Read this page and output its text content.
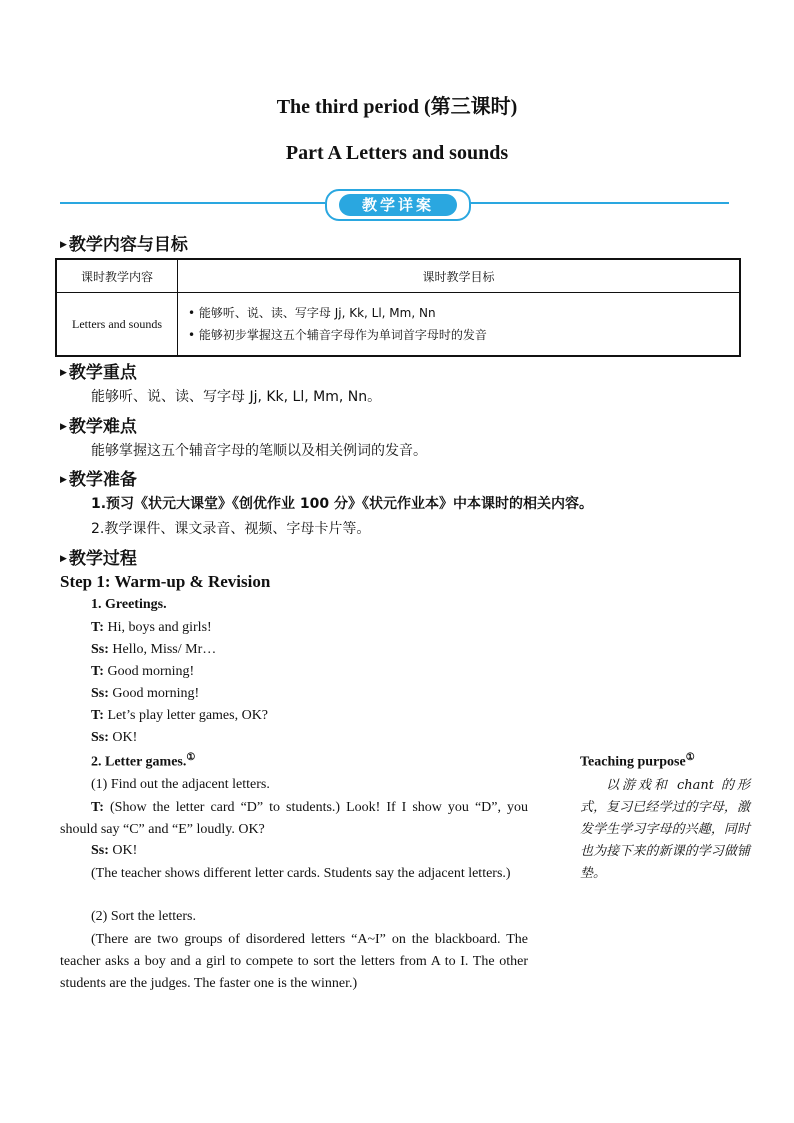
The third period (第三课时)
Part A Letters and sounds
教学详案
▶ 教学内容与目标
课时教学内容	课时教学目标
Letters and sounds	• 能够听、说、读、写字母 Jj, Kk, Ll, Mm, Nn
• 能够初步掌握这五个辅音字母作为单词首字母时的发音
▶ 教学重点
能够听、说、读、写字母 Jj, Kk, Ll, Mm, Nn。
▶ 教学难点
能够掌握这五个辅音字母的笔顺以及相关例词的发音。
▶ 教学准备
1.预习《状元大课堂》《创优作业 100 分》《状元作业本》中本课时的相关内容。
2.教学课件、课文录音、视频、字母卡片等。
▶ 教学过程
Step 1: Warm-up & Revision
1. Greetings.
T: Hi, boys and girls!
Ss: Hello, Miss/ Mr…
T: Good morning!
Ss: Good morning!
T: Let’s play letter games, OK?
Ss: OK!
2. Letter games.①
(1) Find out the adjacent letters.
T: (Show the letter card “D” to students.) Look! If I show you “D”, you should say “C” and “E” loudly. OK?
Ss: OK!
(The teacher shows different letter cards. Students say the adjacent letters.)
(2) Sort the letters.
(There are two groups of disordered letters “A~I” on the blackboard. The teacher asks a boy and a girl to compete to sort the letters from A to I. The other students are the judges. The faster one is the winner.)
Teaching purpose①
以游戏和 chant 的形式，复习已经学过的字母，激发学生学习字母的兴趣，同时也为接下来的新课的学习做铺垫。
